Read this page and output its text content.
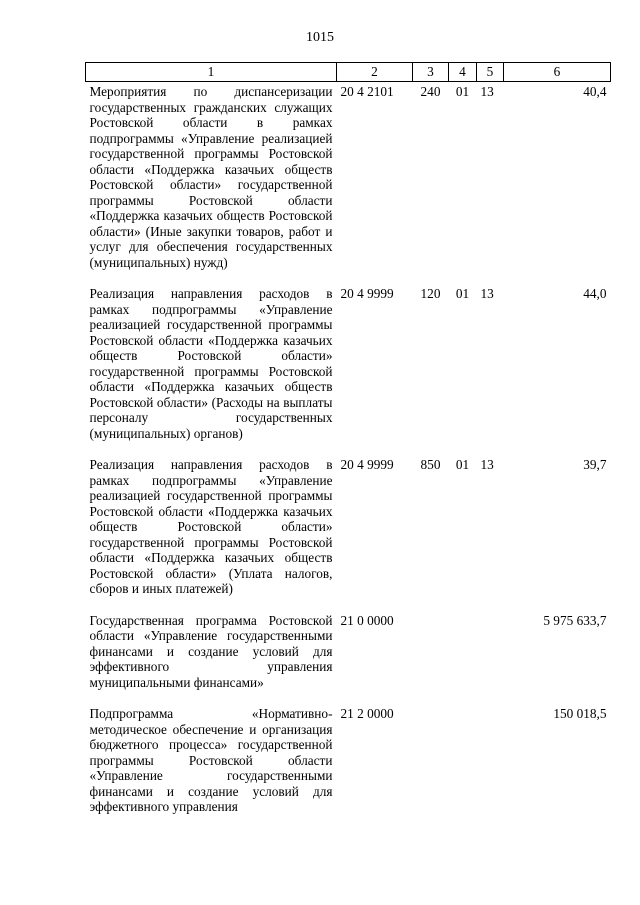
1015
1	2	3	4	5	6
Мероприятия по диспансеризации государственных гражданских служащих Ростовской области в рамках подпрограммы «Управление реализацией государственной программы Ростовской области «Поддержка казачьих обществ Ростовской области» государственной программы Ростовской области «Поддержка казачьих обществ Ростовской области» (Иные закупки товаров, работ и услуг для обеспечения государственных (муниципальных) нужд)	20 4 2101	240	01	13	40,4
Реализация направления расходов в рамках подпрограммы «Управление реализацией государственной программы Ростовской области «Поддержка казачьих обществ Ростовской области» государственной программы Ростовской области «Поддержка казачьих обществ Ростовской области» (Расходы на выплаты персоналу государственных (муниципальных) органов)	20 4 9999	120	01	13	44,0
Реализация направления расходов в рамках подпрограммы «Управление реализацией государственной программы Ростовской области «Поддержка казачьих обществ Ростовской области» государственной программы Ростовской области «Поддержка казачьих обществ Ростовской области» (Уплата налогов, сборов и иных платежей)	20 4 9999	850	01	13	39,7
Государственная программа Ростовской области «Управление государственными финансами и создание условий для эффективного управления муниципальными финансами»	21 0 0000				5 975 633,7
Подпрограмма «Нормативно-методическое обеспечение и организация бюджетного процесса» государственной программы Ростовской области «Управление государственными финансами и создание условий для эффективного управления	21 2 0000				150 018,5
